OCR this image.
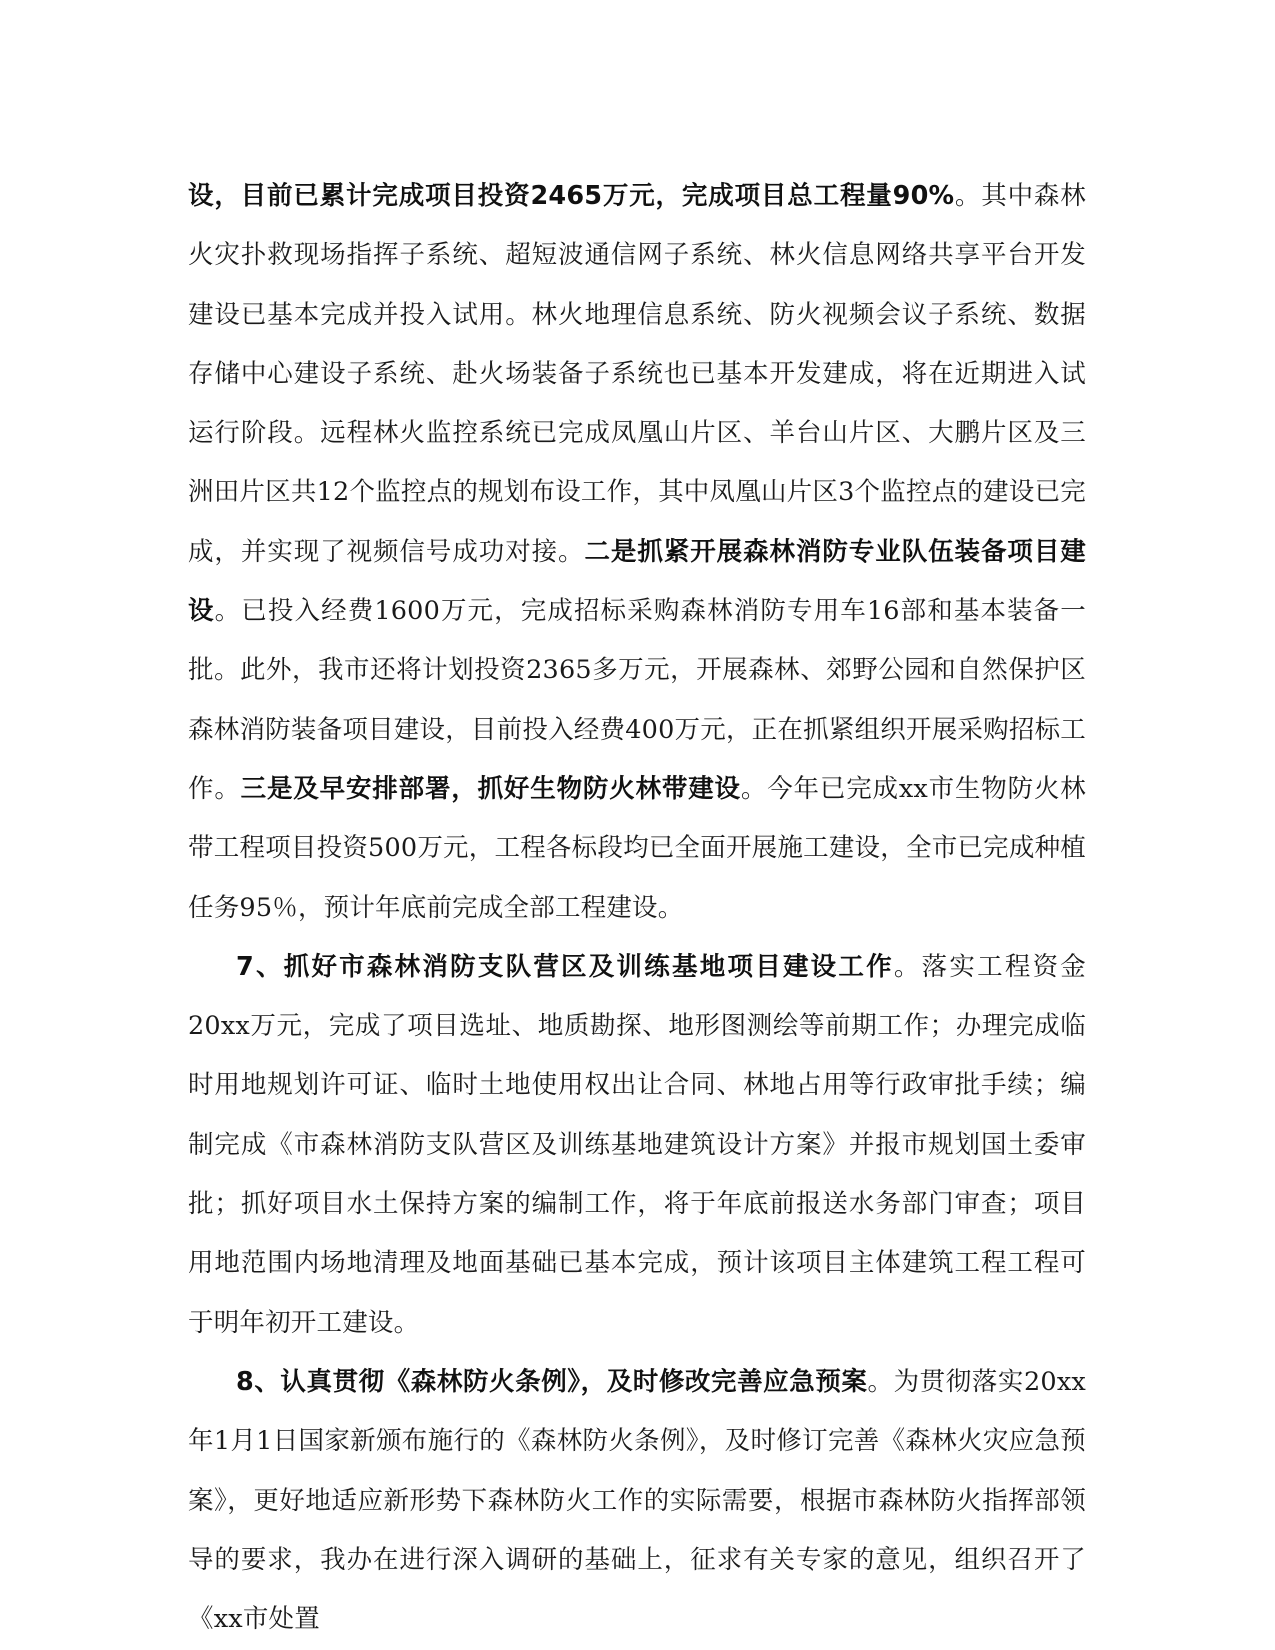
设，目前已累计完成项目投资2465万元，完成项目总工程量90%。其中森林火灾扑救现场指挥子系统、超短波通信网子系统、林火信息网络共享平台开发建设已基本完成并投入试用。林火地理信息系统、防火视频会议子系统、数据存储中心建设子系统、赴火场装备子系统也已基本开发建成，将在近期进入试运行阶段。远程林火监控系统已完成凤凰山片区、羊台山片区、大鹏片区及三洲田片区共12个监控点的规划布设工作，其中凤凰山片区3个监控点的建设已完成，并实现了视频信号成功对接。二是抓紧开展森林消防专业队伍装备项目建设。已投入经费1600万元，完成招标采购森林消防专用车16部和基本装备一批。此外，我市还将计划投资2365多万元，开展森林、郊野公园和自然保护区森林消防装备项目建设，目前投入经费400万元，正在抓紧组织开展采购招标工作。三是及早安排部署，抓好生物防火林带建设。今年已完成xx市生物防火林带工程项目投资500万元，工程各标段均已全面开展施工建设，全市已完成种植任务95％，预计年底前完成全部工程建设。

7、抓好市森林消防支队营区及训练基地项目建设工作。落实工程资金20xx万元，完成了项目选址、地质勘探、地形图测绘等前期工作；办理完成临时用地规划许可证、临时土地使用权出让合同、林地占用等行政审批手续；编制完成《市森林消防支队营区及训练基地建筑设计方案》并报市规划国土委审批；抓好项目水土保持方案的编制工作，将于年底前报送水务部门审查；项目用地范围内场地清理及地面基础已基本完成，预计该项目主体建筑工程工程可于明年初开工建设。

8、认真贯彻《森林防火条例》，及时修改完善应急预案。为贯彻落实20xx年1月1日国家新颁布施行的《森林防火条例》，及时修订完善《森林火灾应急预案》，更好地适应新形势下森林防火工作的实际需要，根据市森林防火指挥部领导的要求，我办在进行深入调研的基础上，征求有关专家的意见，组织召开了《xx市处置
